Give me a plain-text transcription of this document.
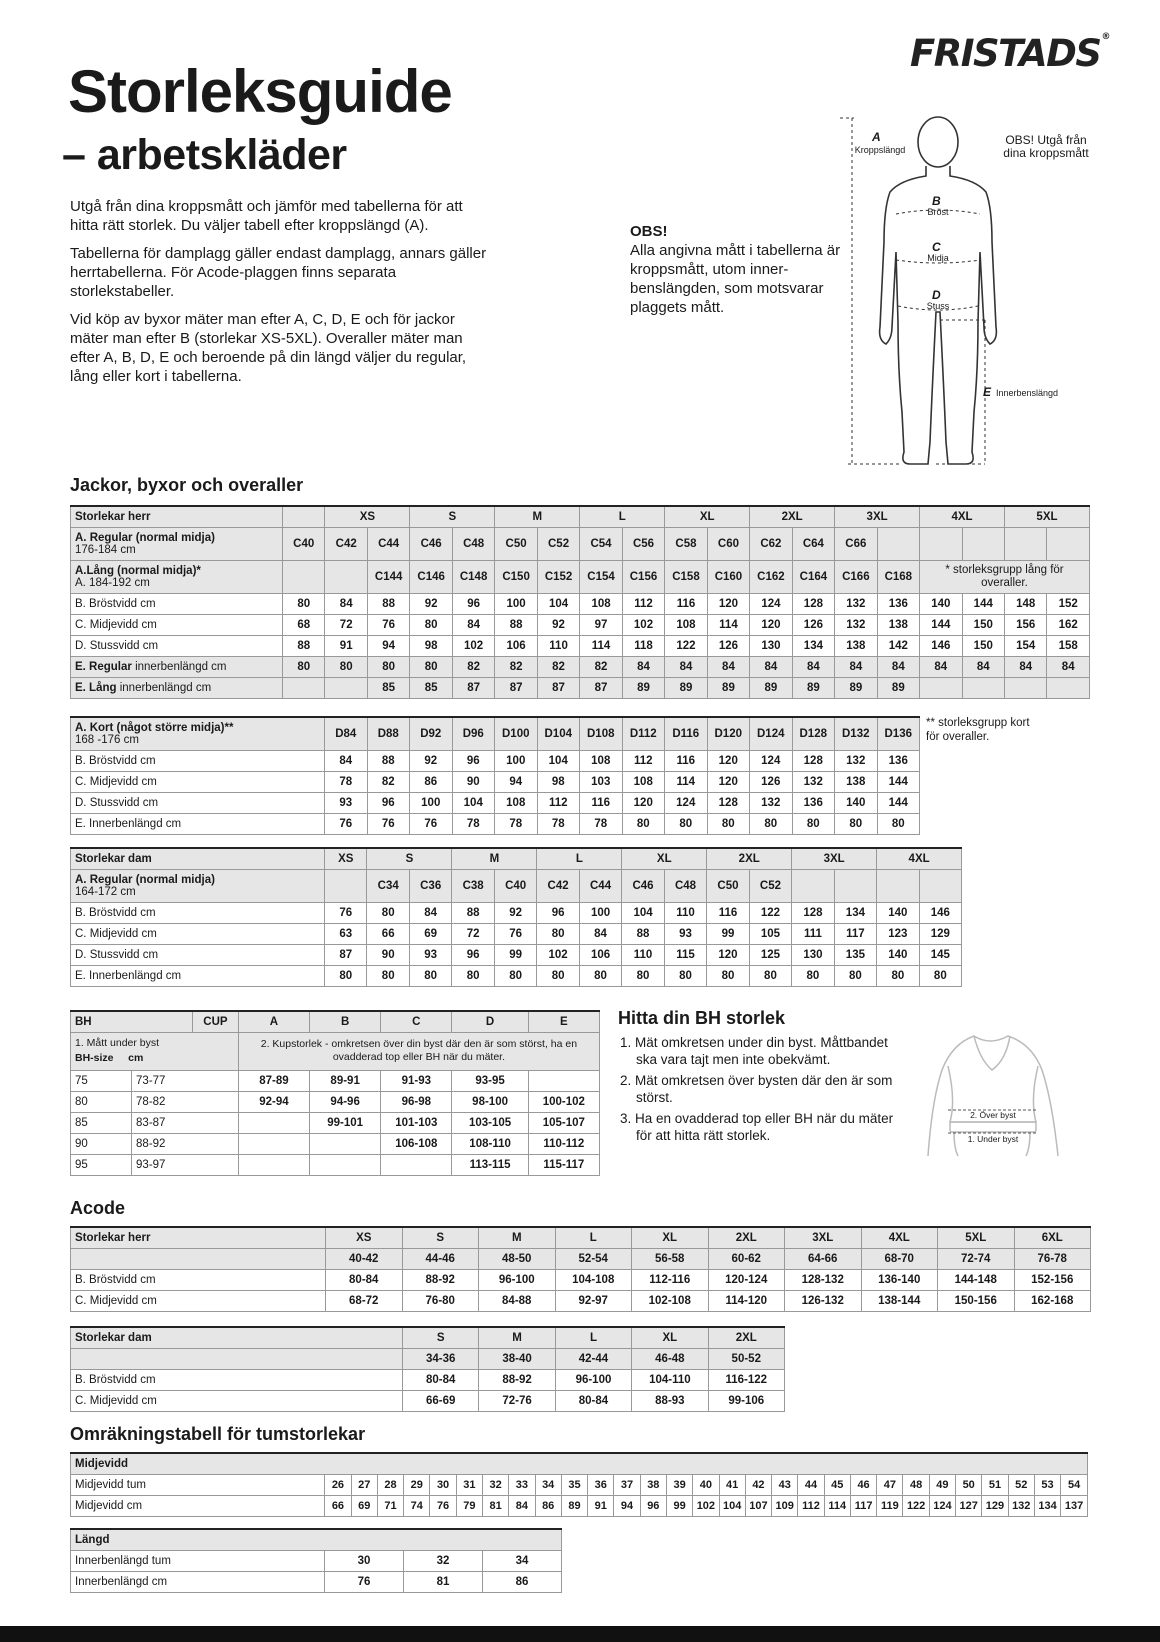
FRISTADS®
Storleksguide
– arbetskläder

Utgå från dina kroppsmått och jämför med tabellerna för att hitta rätt storlek. Du väljer tabell efter kroppslängd (A).

Tabellerna för damplagg gäller endast damplagg, annars gäller herrtabellerna. För Acode-plaggen finns separata storlekstabeller.

Vid köp av byxor mäter man efter A, C, D, E och för jackor mäter man efter B (storlekar XS-5XL). Overaller mäter man efter A, B, D, E och beroende på din längd väljer du regular, lång eller kort i tabellerna.

OBS!
Alla angivna mått i tabellerna är kroppsmått, utom inner-benslängden, som motsvarar plaggets mått.
A
Kroppslängd
B
Bröst
C
Midja
D
Stuss
E Innerbenslängd
OBS! Utgå från dina kroppsmått
Jackor, byxor och overaller
Storlekar herr		XS		S		M		L		XL		2XL		3XL		4XL		5XL	
A. Regular (normal midja)
176-184 cm	C40	C42	C44	C46	C48	C50	C52	C54	C56	C58	C60	C62	C64	C66					
A.Lång (normal midja)*
A. 184-192 cm			C144	C146	C148	C150	C152	C154	C156	C158	C160	C162	C164	C166	C168	* storleksgrupp lång för overaller.			
B. Bröstvidd cm	80	84	88	92	96	100	104	108	112	116	120	124	128	132	136	140	144	148	152
C. Midjevidd cm	68	72	76	80	84	88	92	97	102	108	114	120	126	132	138	144	150	156	162
D. Stussvidd cm	88	91	94	98	102	106	110	114	118	122	126	130	134	138	142	146	150	154	158
E. Regular innerbenlängd cm	80	80	80	80	82	82	82	82	84	84	84	84	84	84	84	84	84	84	84
E. Lång innerbenlängd cm			85	85	87	87	87	87	89	89	89	89	89	89	89				
A. Kort (något större midja)**
168 -176 cm	D84	D88	D92	D96	D100	D104	D108	D112	D116	D120	D124	D128	D132	D136
B. Bröstvidd cm	84	88	92	96	100	104	108	112	116	120	124	128	132	136
C. Midjevidd cm	78	82	86	90	94	98	103	108	114	120	126	132	138	144
D. Stussvidd cm	93	96	100	104	108	112	116	120	124	128	132	136	140	144
E. Innerbenlängd cm	76	76	76	78	78	78	78	80	80	80	80	80	80	80
** storleksgrupp kort för overaller.
Storlekar dam	XS	S		M		L		XL		2XL		3XL		4XL	
A. Regular (normal midja)
164-172 cm		C34	C36	C38	C40	C42	C44	C46	C48	C50	C52				
B. Bröstvidd cm	76	80	84	88	92	96	100	104	110	116	122	128	134	140	146
C. Midjevidd cm	63	66	69	72	76	80	84	88	93	99	105	111	117	123	129
D. Stussvidd cm	87	90	93	96	99	102	106	110	115	120	125	130	135	140	145
E. Innerbenlängd cm	80	80	80	80	80	80	80	80	80	80	80	80	80	80	80
BH		CUP	A	B	C	D	E
1. Mått under byst
BH-size cm			2. Kupstorlek - omkretsen över din byst där den är som störst, ha en ovadderad top eller BH när du mäter.				
75	73-77		87-89	89-91	91-93	93-95	
80	78-82		92-94	94-96	96-98	98-100	100-102
85	83-87			99-101	101-103	103-105	105-107
90	88-92				106-108	108-110	110-112
95	93-97					113-115	115-117
Hitta din BH storlek
1. Mät omkretsen under din byst. Måttbandet ska vara tajt men inte obekvämt.
2. Mät omkretsen över bysten där den är som störst.
3. Ha en ovadderad top eller BH när du mäter för att hitta rätt storlek.
2. Över byst
1. Under byst
Acode
Storlekar herr	XS	S	M	L	XL	2XL	3XL	4XL	5XL	6XL
	40-42	44-46	48-50	52-54	56-58	60-62	64-66	68-70	72-74	76-78
B. Bröstvidd cm	80-84	88-92	96-100	104-108	112-116	120-124	128-132	136-140	144-148	152-156
C. Midjevidd cm	68-72	76-80	84-88	92-97	102-108	114-120	126-132	138-144	150-156	162-168
Storlekar dam	S	M	L	XL	2XL
	34-36	38-40	42-44	46-48	50-52
B. Bröstvidd cm	80-84	88-92	96-100	104-110	116-122
C. Midjevidd cm	66-69	72-76	80-84	88-93	99-106
Omräkningstabell för tumstorlekar
Midjevidd																													
Midjevidd tum	26	27	28	29	30	31	32	33	34	35	36	37	38	39	40	41	42	43	44	45	46	47	48	49	50	51	52	53	54
Midjevidd cm	66	69	71	74	76	79	81	84	86	89	91	94	96	99	102	104	107	109	112	114	117	119	122	124	127	129	132	134	137
Längd			
Innerbenlängd tum	30	32	34
Innerbenlängd cm	76	81	86
